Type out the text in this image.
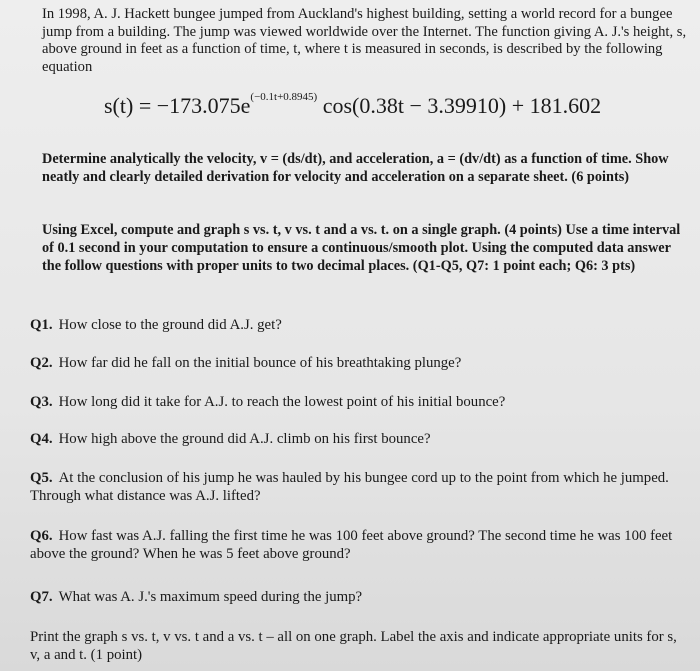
In 1998, A. J. Hackett bungee jumped from Auckland's highest building, setting a world record for a bungee jump from a building. The jump was viewed worldwide over the Internet. The function giving A. J.'s height, s, above ground in feet as a function of time, t, where t is measured in seconds, is described by the following equation

$s(t) = -173.075e^{(-0.1t+0.8945)}$ cos(0.38t − 3.39910) + 181.602

Determine analytically the velocity, v = (ds/dt), and acceleration, a = (dv/dt) as a function of time. Show neatly and clearly detailed derivation for velocity and acceleration on a separate sheet. (6 points)

Using Excel, compute and graph s vs. t, v vs. t and a vs. t. on a single graph. (4 points) Use a time interval of 0.1 second in your computation to ensure a continuous/smooth plot. Using the computed data answer the follow questions with proper units to two decimal places. (Q1-Q5, Q7: 1 point each; Q6: 3 pts)

Q1. How close to the ground did A.J. get?

Q2. How far did he fall on the initial bounce of his breathtaking plunge?

Q3. How long did it take for A.J. to reach the lowest point of his initial bounce?

Q4. How high above the ground did A.J. climb on his first bounce?

Q5. At the conclusion of his jump he was hauled by his bungee cord up to the point from which he jumped. Through what distance was A.J. lifted?

Q6. How fast was A.J. falling the first time he was 100 feet above ground? The second time he was 100 feet above the ground? When he was 5 feet above ground?

Q7. What was A. J.'s maximum speed during the jump?

Print the graph s vs. t, v vs. t and a vs. t – all on one graph. Label the axis and indicate appropriate units for s, v, a and t. (1 point)
